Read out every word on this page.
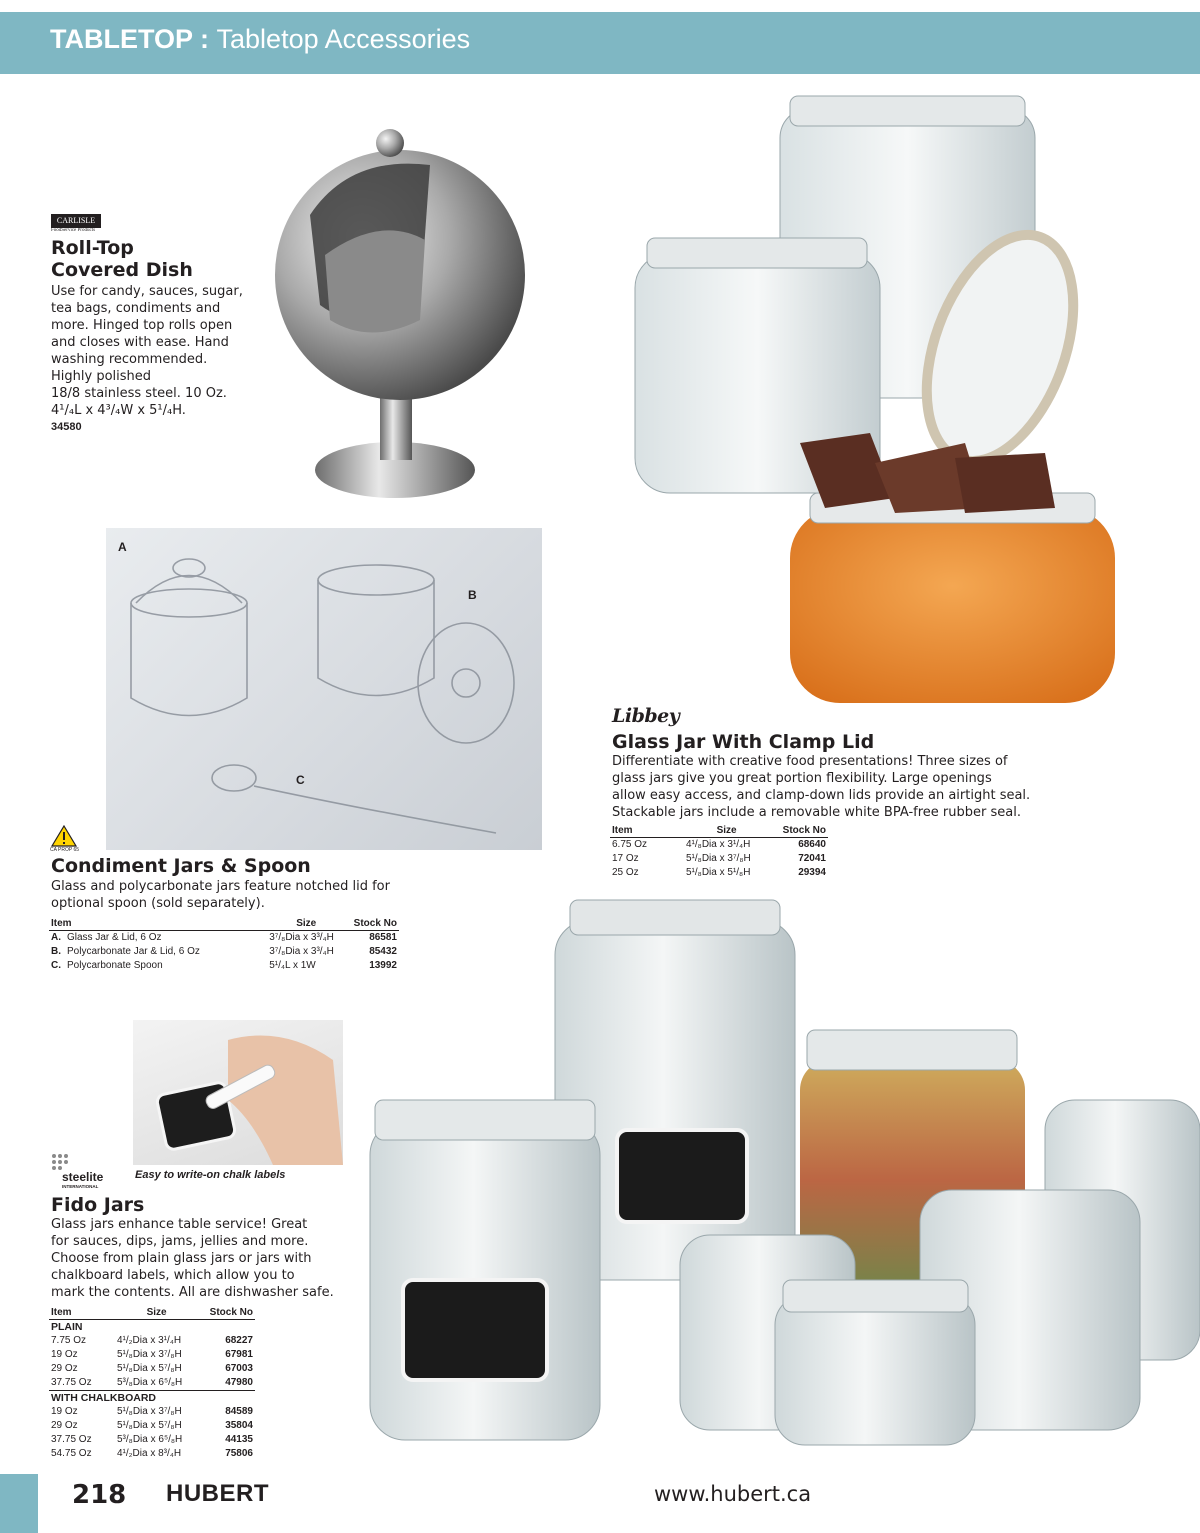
TABLETOP : Tabletop Accessories
CARLISLE
FoodService Products
Roll-Top
Covered Dish
Use for candy, sauces, sugar,
tea bags, condiments and
more. Hinged top rolls open
and closes with ease. Hand
washing recommended.
Highly polished
18/8 stainless steel. 10 Oz.
4¹/₄L x 4³/₄W x 5¹/₄H.
34580
A
B
C
CA PROP 65
Condiment Jars & Spoon
Glass and polycarbonate jars feature notched lid for
optional spoon (sold separately).
Item		Size	Stock No
A.	Glass Jar & Lid, 6 Oz	3⁷/₈Dia x 3³/₄H	86581
B.	Polycarbonate Jar & Lid, 6 Oz	3⁷/₈Dia x 3³/₄H	85432
C.	Polycarbonate Spoon	5¹/₄L x 1W	13992
Libbey
Glass Jar With Clamp Lid
Differentiate with creative food presentations! Three sizes of
glass jars give you great portion flexibility. Large openings
allow easy access, and clamp-down lids provide an airtight seal.
Stackable jars include a removable white BPA-free rubber seal.
Item	Size	Stock No
6.75 Oz	4¹/₈Dia x 3¹/₄H	68640
17 Oz	5¹/₈Dia x 3⁷/₈H	72041
25 Oz	5¹/₈Dia x 5¹/₈H	29394
Easy to write-on chalk labels
steelite
INTERNATIONAL
Fido Jars
Glass jars enhance table service! Great
for sauces, dips, jams, jellies and more.
Choose from plain glass jars or jars with
chalkboard labels, which allow you to
mark the contents. All are dishwasher safe.
Item	Size	Stock No
PLAIN		
7.75 Oz	4¹/₂Dia x 3¹/₄H	68227
19 Oz	5¹/₈Dia x 3⁷/₈H	67981
29 Oz	5¹/₈Dia x 5⁷/₈H	67003
37.75 Oz	5³/₈Dia x 6⁵/₈H	47980
WITH CHALKBOARD		
19 Oz	5¹/₈Dia x 3⁷/₈H	84589
29 Oz	5¹/₈Dia x 5⁷/₈H	35804
37.75 Oz	5³/₈Dia x 6⁵/₈H	44135
54.75 Oz	4¹/₂Dia x 8³/₄H	75806
218 HUBERT	www.hubert.ca
